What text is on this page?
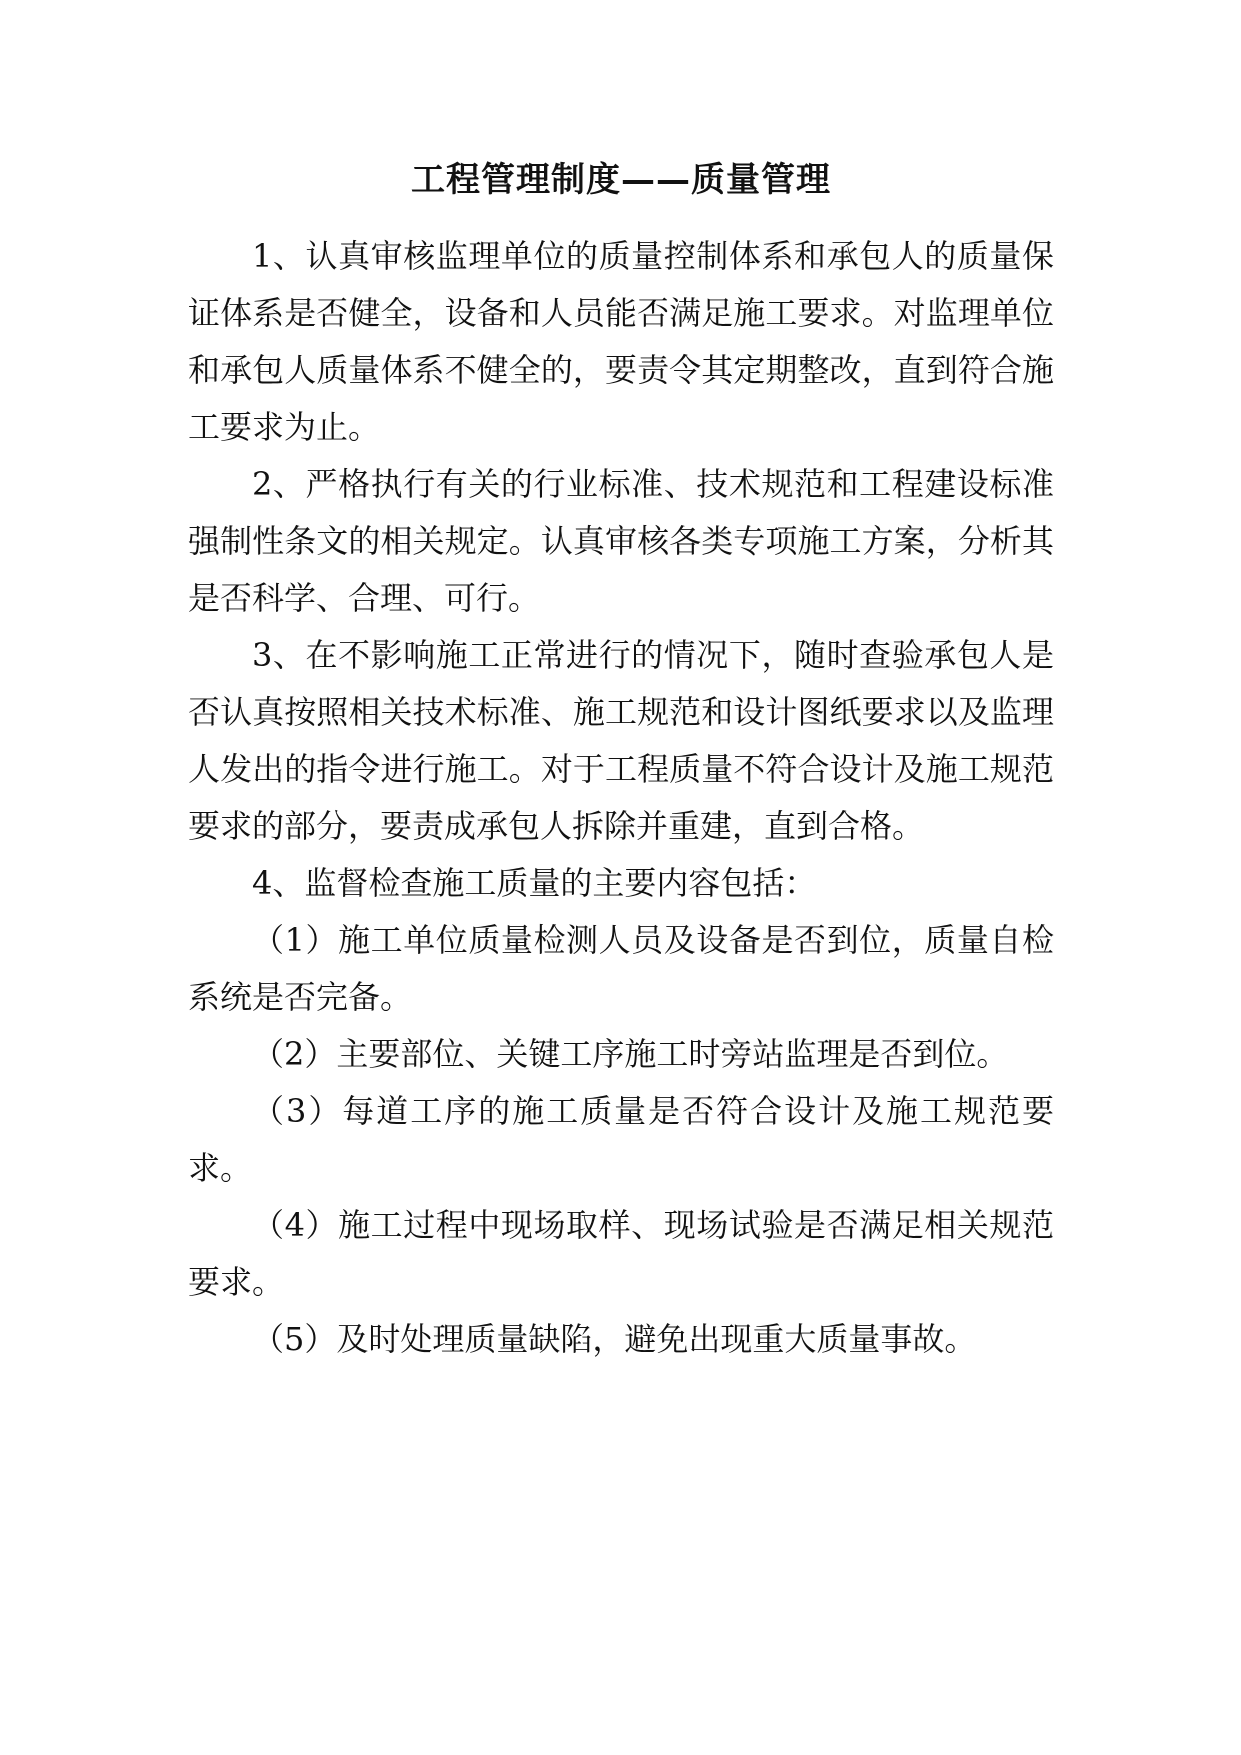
工程管理制度——质量管理

1、认真审核监理单位的质量控制体系和承包人的质量保证体系是否健全，设备和人员能否满足施工要求。对监理单位和承包人质量体系不健全的，要责令其定期整改，直到符合施工要求为止。

2、严格执行有关的行业标准、技术规范和工程建设标准强制性条文的相关规定。认真审核各类专项施工方案，分析其是否科学、合理、可行。

3、在不影响施工正常进行的情况下，随时查验承包人是否认真按照相关技术标准、施工规范和设计图纸要求以及监理人发出的指令进行施工。对于工程质量不符合设计及施工规范要求的部分，要责成承包人拆除并重建，直到合格。

4、监督检查施工质量的主要内容包括：

（1）施工单位质量检测人员及设备是否到位，质量自检系统是否完备。

（2）主要部位、关键工序施工时旁站监理是否到位。

（3）每道工序的施工质量是否符合设计及施工规范要求。

（4）施工过程中现场取样、现场试验是否满足相关规范要求。

（5）及时处理质量缺陷，避免出现重大质量事故。
